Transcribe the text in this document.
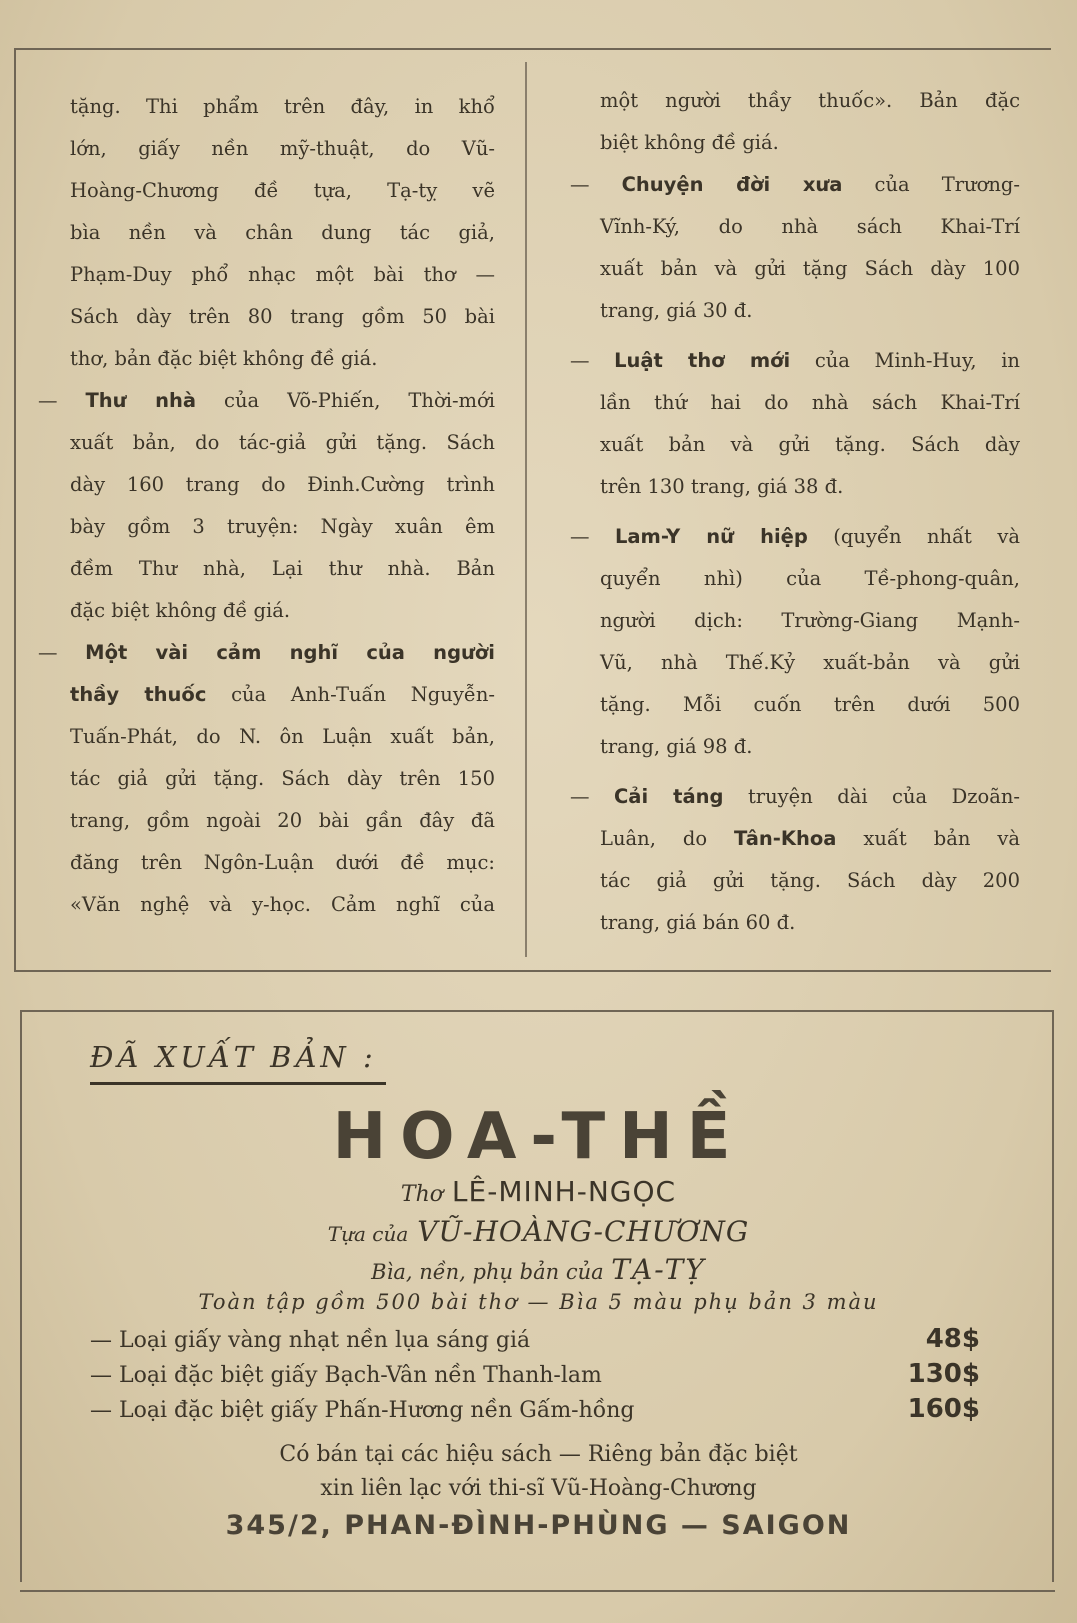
tặng. Thi phẩm trên đây, in khổ
lớn, giấy nền mỹ-thuật, do Vũ-
Hoàng-Chương đề tựa, Tạ-tỵ vẽ
bìa nền và chân dung tác giả,
Phạm-Duy phổ nhạc một bài thơ —
Sách dày trên 80 trang gồm 50 bài
thơ, bản đặc biệt không đề giá.
— Thư nhà của Võ-Phiến, Thời-mới
xuất bản, do tác-giả gửi tặng. Sách
dày 160 trang do Đinh.Cường trình
bày gồm 3 truyện: Ngày xuân êm
đềm Thư nhà, Lại thư nhà. Bản
đặc biệt không đề giá.
— Một vài cảm nghĩ của người
thầy thuốc của Anh-Tuấn Nguyễn-
Tuấn-Phát, do N. ôn Luận xuất bản,
tác giả gửi tặng. Sách dày trên 150
trang, gồm ngoài 20 bài gần đây đã
đăng trên Ngôn-Luận dưới đề mục:
«Văn nghệ và y-học. Cảm nghĩ của
một người thầy thuốc». Bản đặc
biệt không đề giá.
— Chuyện đời xưa của Trương-
Vĩnh-Ký, do nhà sách Khai-Trí
xuất bản và gửi tặng Sách dày 100
trang, giá 30 đ.
— Luật thơ mới của Minh-Huy, in
lần thứ hai do nhà sách Khai-Trí
xuất bản và gửi tặng. Sách dày
trên 130 trang, giá 38 đ.
— Lam-Y nữ hiệp (quyển nhất và
quyển nhì) của Tề-phong-quân,
người dịch: Trường-Giang Mạnh-
Vũ, nhà Thế.Kỷ xuất-bản và gửi
tặng. Mỗi cuốn trên dưới 500
trang, giá 98 đ.
— Cải táng truyện dài của Dzoãn-
Luân, do Tân-Khoa xuất bản và
tác giả gửi tặng. Sách dày 200
trang, giá bán 60 đ.
ĐÃ XUẤT BẢN :
HOA-THỀ
Thơ LÊ-MINH-NGỌC
Tựa của VŨ-HOÀNG-CHƯƠNG
Bìa, nền, phụ bản của TẠ-TỴ
Toàn tập gồm 500 bài thơ — Bìa 5 màu phụ bản 3 màu
— Loại giấy vàng nhạt nền lụa sáng giá	48$
— Loại đặc biệt giấy Bạch-Vân nền Thanh-lam	130$
— Loại đặc biệt giấy Phấn-Hương nền Gấm-hồng	160$
Có bán tại các hiệu sách — Riêng bản đặc biệt
xin liên lạc với thi-sĩ Vũ-Hoàng-Chương
345/2, PHAN-ĐÌNH-PHÙNG — SAIGON
